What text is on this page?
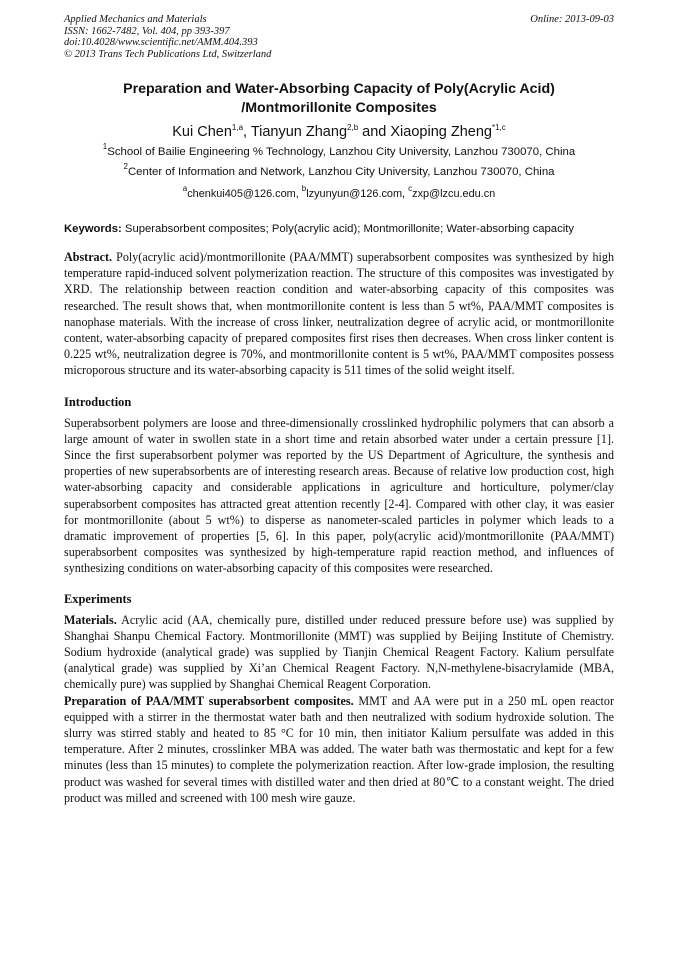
Applied Mechanics and Materials
ISSN: 1662-7482, Vol. 404, pp 393-397
doi:10.4028/www.scientific.net/AMM.404.393
© 2013 Trans Tech Publications Ltd, Switzerland
Online: 2013-09-03
Preparation and Water-Absorbing Capacity of Poly(Acrylic Acid)
/Montmorillonite Composites
Kui Chen$^{1,a}$, Tianyun Zhang$^{2,b}$ and Xiaoping Zheng$^{*1,c}$
$^1$School of Bailie Engineering % Technology, Lanzhou City University, Lanzhou 730070, China
$^2$Center of Information and Network, Lanzhou City University, Lanzhou 730070, China
$^a$chenkui405@126.com, $^b$lzyunyun@126.com, $^c$zxp@lzcu.edu.cn

Keywords: Superabsorbent composites; Poly(acrylic acid); Montmorillonite; Water-absorbing capacity

Abstract. Poly(acrylic acid)/montmorillonite (PAA/MMT) superabsorbent composites was synthesized by high temperature rapid-induced solvent polymerization reaction. The structure of this composites was investigated by XRD. The relationship between reaction condition and water-absorbing capacity of this composites was researched. The result shows that, when montmorillonite content is less than 5 wt%, PAA/MMT composites is nanophase materials. With the increase of cross linker, neutralization degree of acrylic acid, or montmorillonite content, water-absorbing capacity of prepared composites first rises then decreases. When cross linker content is 0.225 wt%, neutralization degree is 70%, and montmorillonite content is 5 wt%, PAA/MMT composites possess microporous structure and its water-absorbing capacity is 511 times of the solid weight itself.

Introduction

Superabsorbent polymers are loose and three-dimensionally crosslinked hydrophilic polymers that can absorb a large amount of water in swollen state in a short time and retain absorbed water under a certain pressure [1]. Since the first superabsorbent polymer was reported by the US Department of Agriculture, the synthesis and properties of new superabsorbents are of interesting research areas. Because of relative low production cost, high water-absorbing capacity and considerable applications in agriculture and horticulture, polymer/clay superabsorbent composites has attracted great attention recently [2-4]. Compared with other clay, it was easier for montmorillonite (about 5 wt%) to disperse as nanometer-scaled particles in polymer which leads to a dramatic improvement of properties [5, 6]. In this paper, poly(acrylic acid)/montmorillonite (PAA/MMT) superabsorbent composites was synthesized by high-temperature rapid reaction method, and influences of synthesizing conditions on water-absorbing capacity of this composites were researched.

Experiments

Materials. Acrylic acid (AA, chemically pure, distilled under reduced pressure before use) was supplied by Shanghai Shanpu Chemical Factory. Montmorillonite (MMT) was supplied by Beijing Institute of Chemistry. Sodium hydroxide (analytical grade) was supplied by Tianjin Chemical Reagent Factory. Kalium persulfate (analytical grade) was supplied by Xi’an Chemical Reagent Factory. N,N-methylene-bisacrylamide (MBA, chemically pure) was supplied by Shanghai Chemical Reagent Corporation.

Preparation of PAA/MMT superabsorbent composites. MMT and AA were put in a 250 mL open reactor equipped with a stirrer in the thermostat water bath and then neutralized with sodium hydroxide solution. The slurry was stirred stably and heated to 85 °C for 10 min, then initiator Kalium persulfate was added in this temperature. After 2 minutes, crosslinker MBA was added. The water bath was thermostatic and kept for a few minutes (less than 15 minutes) to complete the polymerization reaction. After low-grade implosion, the resulting product was washed for several times with distilled water and then dried at 80℃ to a constant weight. The dried product was milled and screened with 100 mesh wire gauze.
